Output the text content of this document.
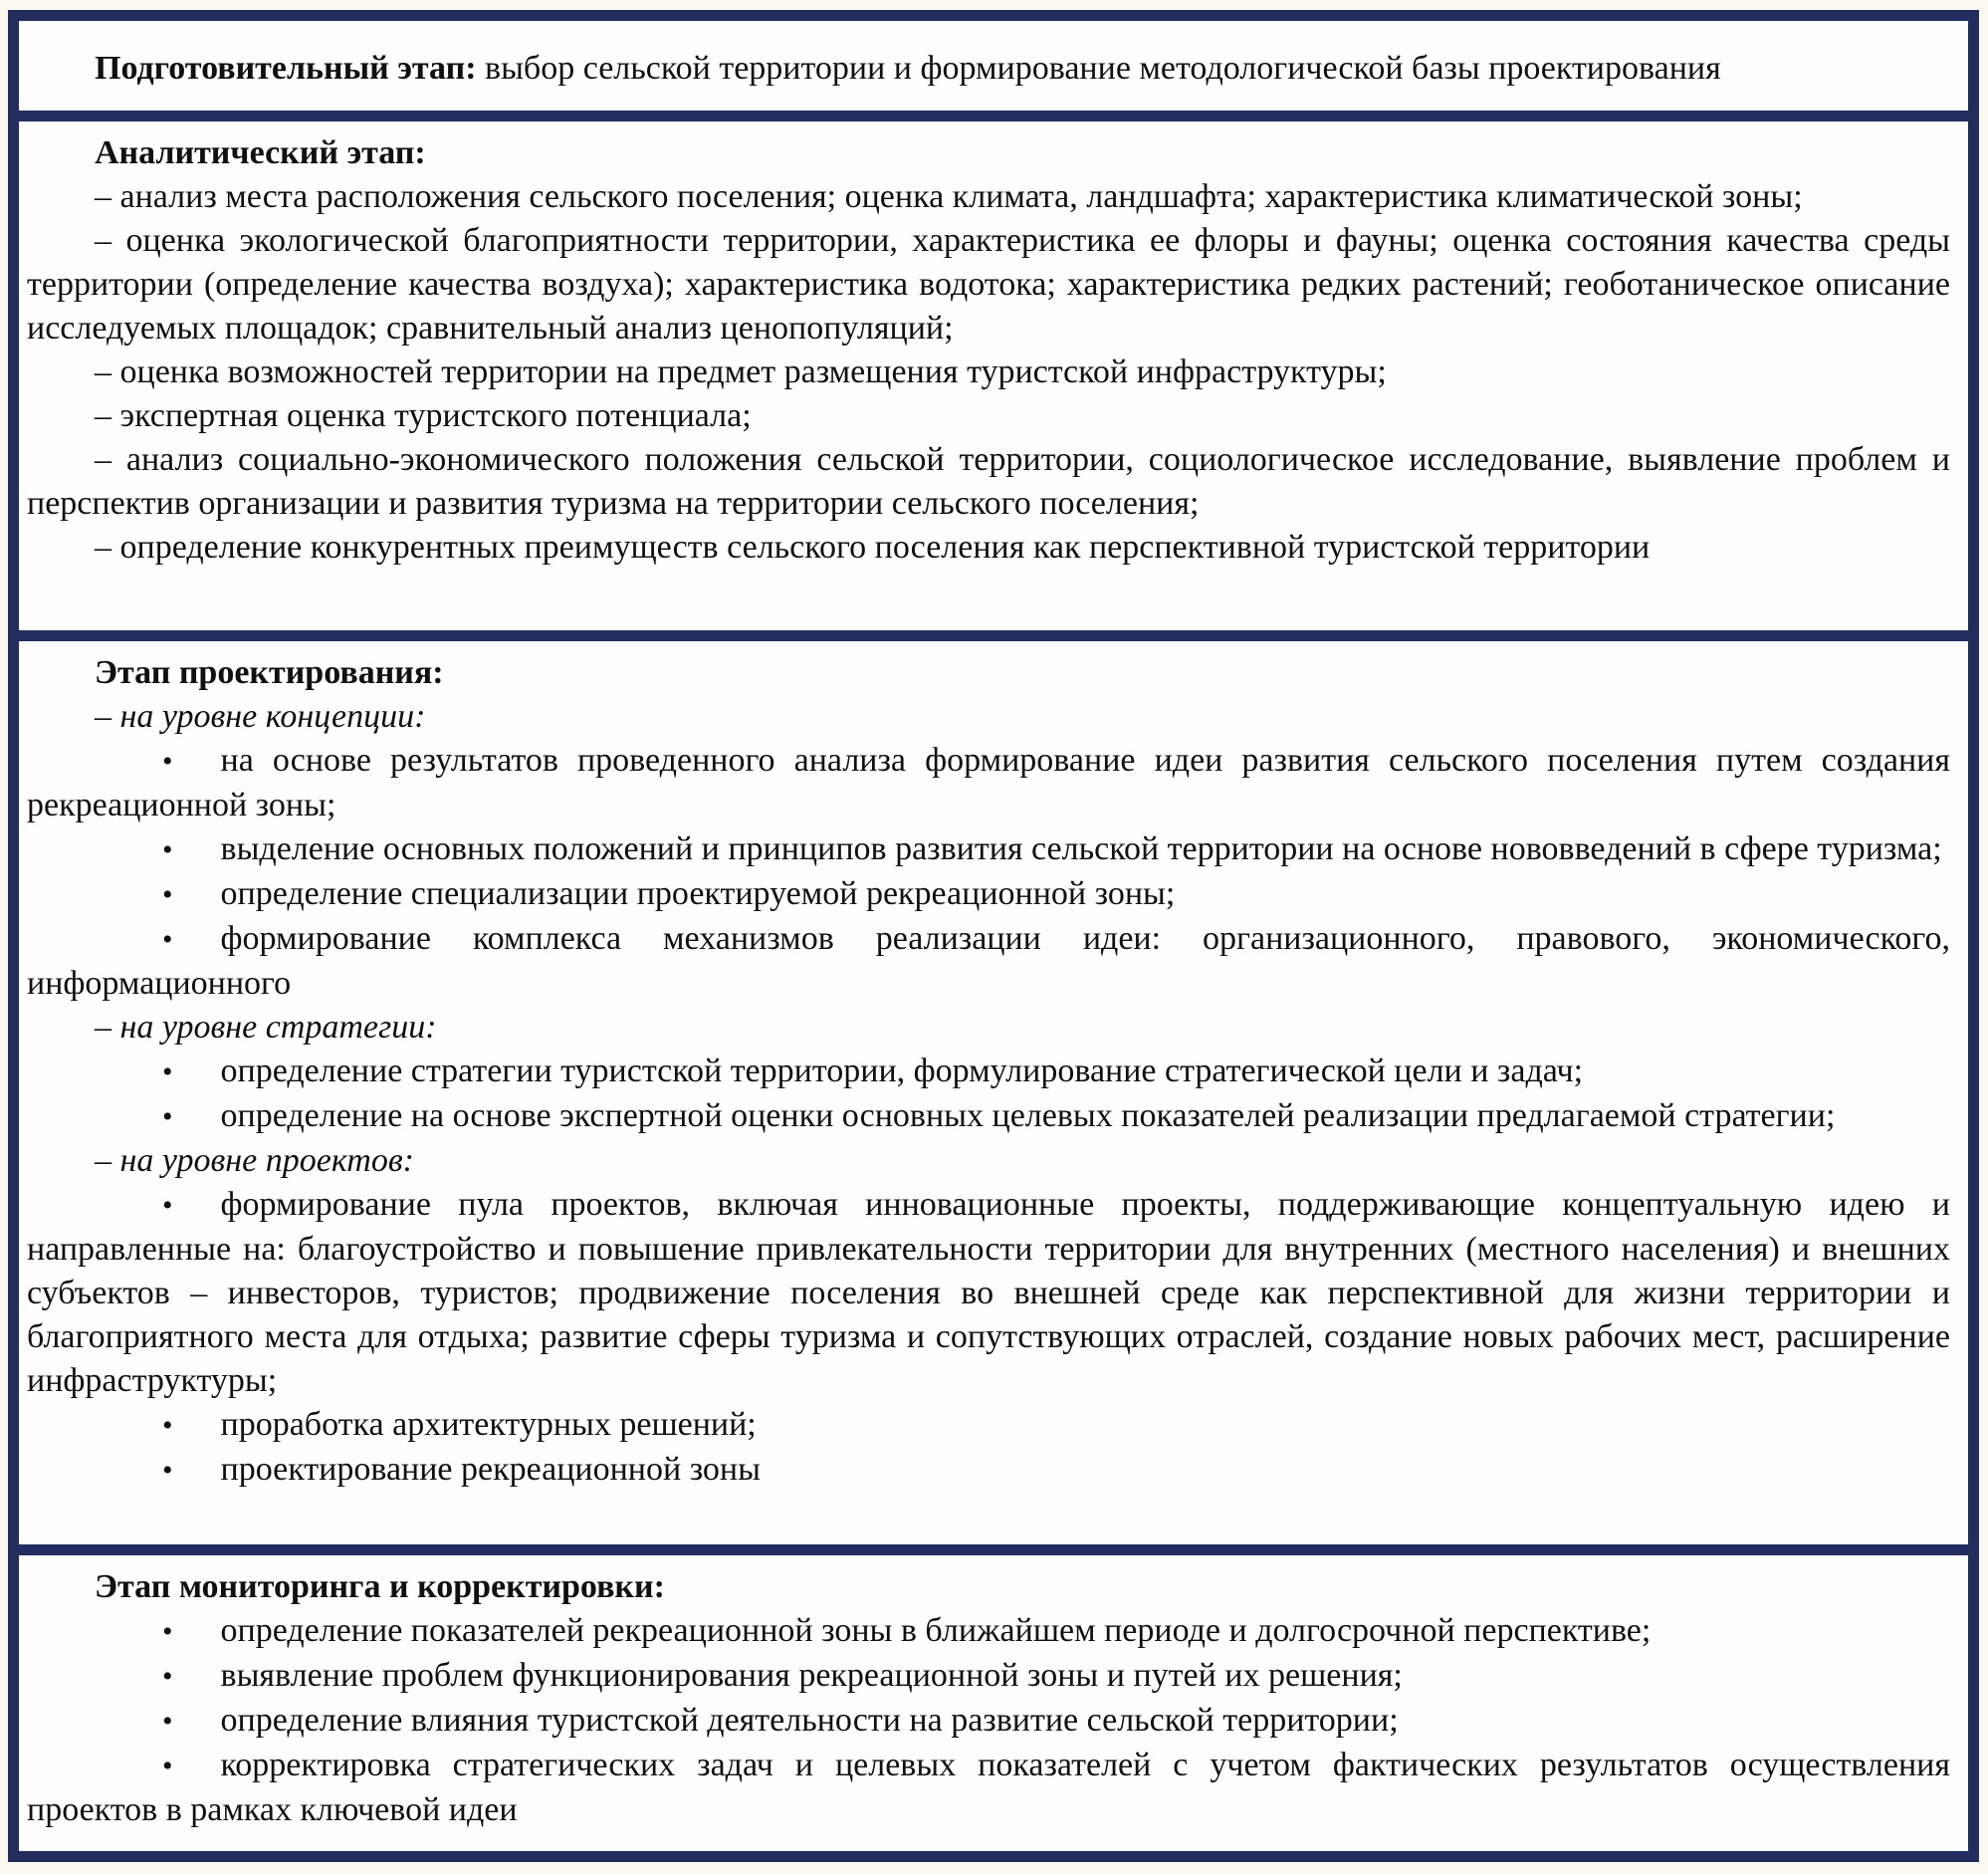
Подготовительный этап: выбор сельской территории и формирование методологической базы проектирования

Аналитический этап:

– анализ места расположения сельского поселения; оценка климата, ландшафта; характеристика климатической зоны;

– оценка экологической благоприятности территории, характеристика ее флоры и фауны; оценка состояния качества среды территории (определение качества воздуха); характеристика водотока; характеристика редких растений; геоботаническое описание исследуемых площадок; сравнительный анализ ценопопуляций;

– оценка возможностей территории на предмет размещения туристской инфраструктуры;

– экспертная оценка туристского потенциала;

– анализ социально-экономического положения сельской территории, социологическое исследование, выявление проблем и перспектив организации и развития туризма на территории сельского поселения;

– определение конкурентных преимуществ сельского поселения как перспективной туристской территории

Этап проектирования:

– на уровне концепции:

• на основе результатов проведенного анализа формирование идеи развития сельского поселения путем создания рекреационной зоны;

• выделение основных положений и принципов развития сельской территории на основе нововведений в сфере туризма;

• определение специализации проектируемой рекреационной зоны;

• формирование комплекса механизмов реализации идеи: организационного, правового, экономического, информационного

– на уровне стратегии:

• определение стратегии туристской территории, формулирование стратегической цели и задач;

• определение на основе экспертной оценки основных целевых показателей реализации предлагаемой стратегии;

– на уровне проектов:

• формирование пула проектов, включая инновационные проекты, поддерживающие концептуальную идею и направленные на: благоустройство и повышение привлекательности территории для внутренних (местного населения) и внешних субъектов – инвесторов, туристов; продвижение поселения во внешней среде как перспективной для жизни территории и благоприятного места для отдыха; развитие сферы туризма и сопутствующих отраслей, создание новых рабочих мест, расширение инфраструктуры;

• проработка архитектурных решений;

• проектирование рекреационной зоны

Этап мониторинга и корректировки:

• определение показателей рекреационной зоны в ближайшем периоде и долгосрочной перспективе;

• выявление проблем функционирования рекреационной зоны и путей их решения;

• определение влияния туристской деятельности на развитие сельской территории;

• корректировка стратегических задач и целевых показателей с учетом фактических результатов осуществления проектов в рамках ключевой идеи
